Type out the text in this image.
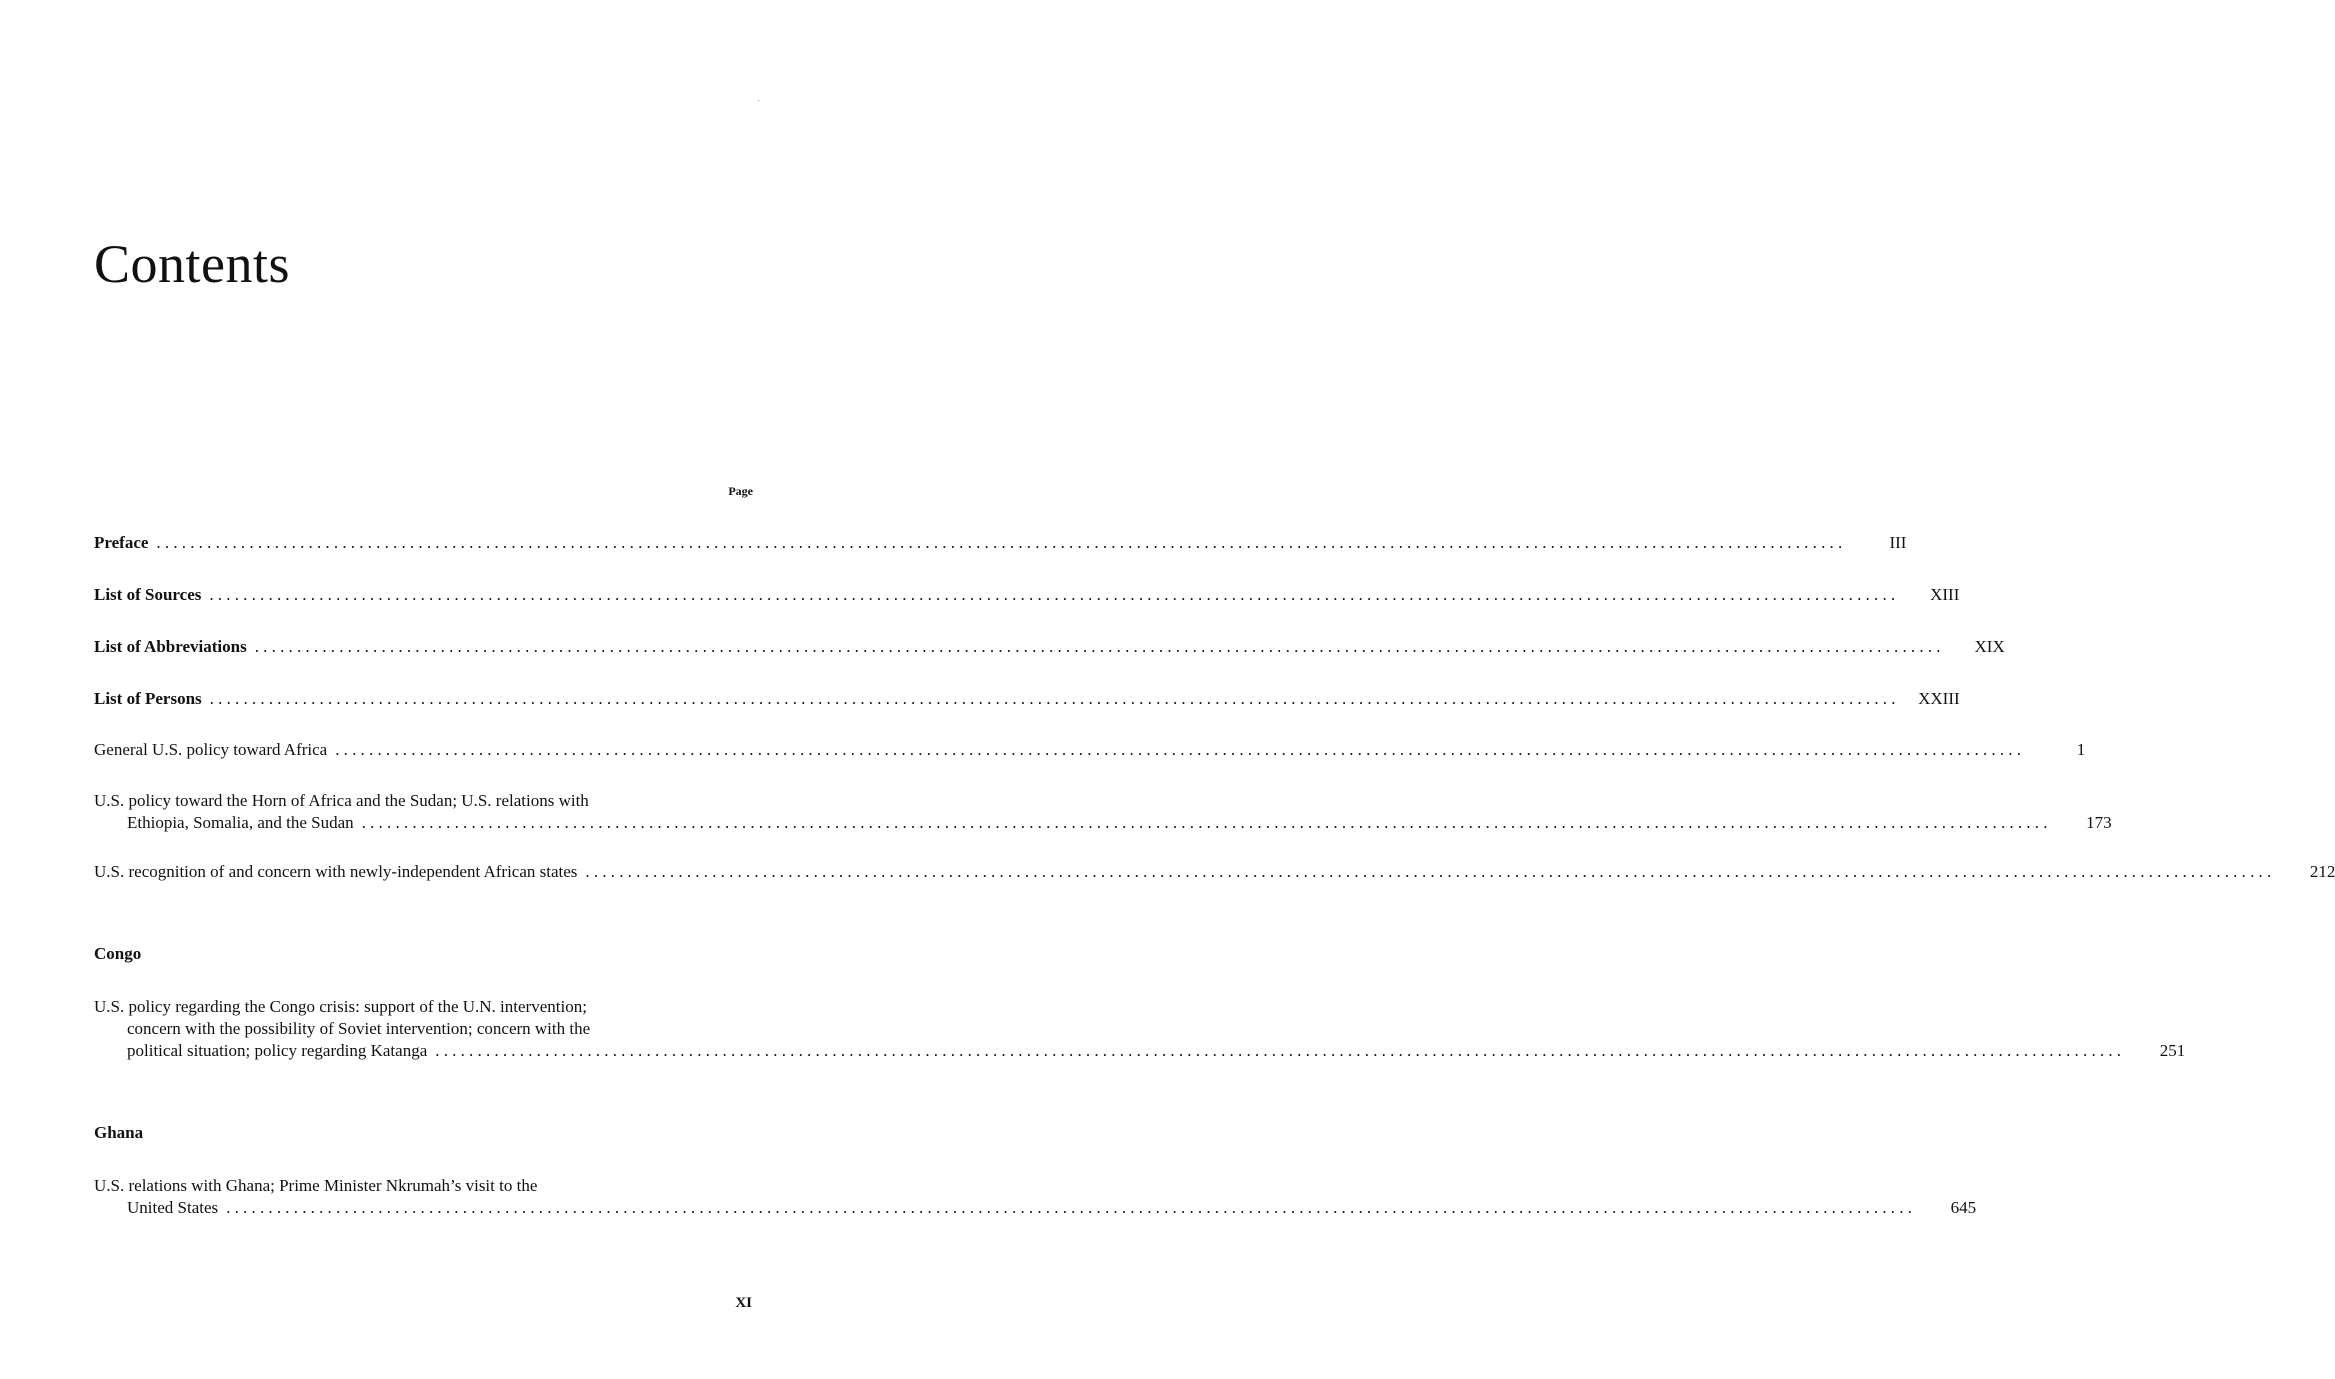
Contents
Page
Preface ........................................................................................................................................................................................................	III
List of Sources ........................................................................................................................................................................................................	XIII
List of Abbreviations ........................................................................................................................................................................................................	XIX
List of Persons ........................................................................................................................................................................................................ XXIII
General U.S. policy toward Africa ........................................................................................................................................................................................................	1
U.S. policy toward the Horn of Africa and the Sudan; U.S. relations with
Ethiopia, Somalia, and the Sudan ........................................................................................................................................................................................................	173
U.S. recognition of and concern with newly-independent African states ........................................................................................................................................................................................................	212
Congo
U.S. policy regarding the Congo crisis: support of the U.N. intervention;
concern with the possibility of Soviet intervention; concern with the
political situation; policy regarding Katanga ........................................................................................................................................................................................................	251
Ghana
U.S. relations with Ghana; Prime Minister Nkrumah’s visit to the
United States ........................................................................................................................................................................................................	645
XI
